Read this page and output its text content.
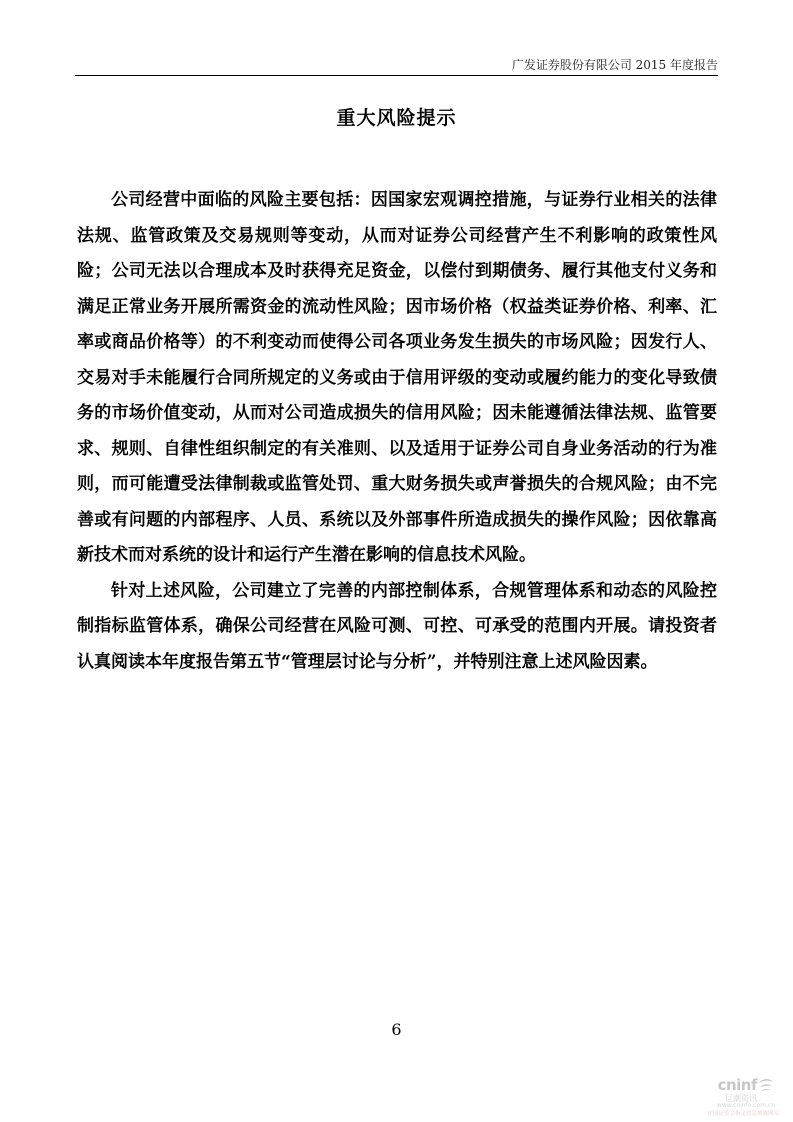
广发证券股份有限公司 2015 年度报告
重大风险提示

公司经营中面临的风险主要包括：因国家宏观调控措施，与证券行业相关的法律法规、监管政策及交易规则等变动，从而对证券公司经营产生不利影响的政策性风险；公司无法以合理成本及时获得充足资金，以偿付到期债务、履行其他支付义务和满足正常业务开展所需资金的流动性风险；因市场价格（权益类证券价格、利率、汇率或商品价格等）的不利变动而使得公司各项业务发生损失的市场风险；因发行人、交易对手未能履行合同所规定的义务或由于信用评级的变动或履约能力的变化导致债务的市场价值变动，从而对公司造成损失的信用风险；因未能遵循法律法规、监管要求、规则、自律性组织制定的有关准则、以及适用于证券公司自身业务活动的行为准则，而可能遭受法律制裁或监管处罚、重大财务损失或声誉损失的合规风险；由不完善或有问题的内部程序、人员、系统以及外部事件所造成损失的操作风险；因依靠高新技术而对系统的设计和运行产生潜在影响的信息技术风险。

针对上述风险，公司建立了完善的内部控制体系，合规管理体系和动态的风险控制指标监管体系，确保公司经营在风险可测、可控、可承受的范围内开展。请投资者认真阅读本年度报告第五节“管理层讨论与分析”，并特别注意上述风险因素。

6
cninf
巨潮资讯
www.cninfo.com.cn
中国证监会指定信息披露网站
